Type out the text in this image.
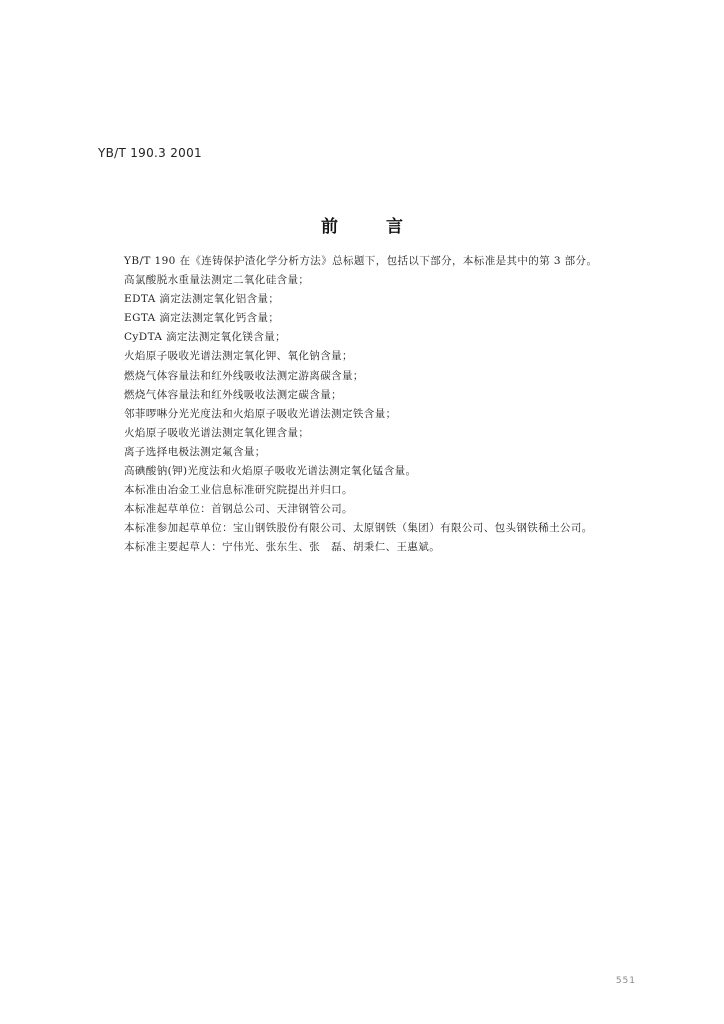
YB/T 190.3 2001
前言
YB/T 190 在《连铸保护渣化学分析方法》总标题下，包括以下部分，本标准是其中的第 3 部分。
高氯酸脱水重量法测定二氧化硅含量；
EDTA 滴定法测定氧化铝含量；
EGTA 滴定法测定氧化钙含量；
CyDTA 滴定法测定氧化镁含量；
火焰原子吸收光谱法测定氧化钾、氧化钠含量；
燃烧气体容量法和红外线吸收法测定游离碳含量；
燃烧气体容量法和红外线吸收法测定碳含量；
邻菲啰啉分光光度法和火焰原子吸收光谱法测定铁含量；
火焰原子吸收光谱法测定氧化锂含量；
离子选择电极法测定氟含量；
高碘酸钠(钾)光度法和火焰原子吸收光谱法测定氧化锰含量。
本标准由冶金工业信息标准研究院提出并归口。
本标准起草单位：首钢总公司、天津钢管公司。
本标准参加起草单位：宝山钢铁股份有限公司、太原钢铁（集团）有限公司、包头钢铁稀土公司。
本标准主要起草人：宁伟光、张东生、张　磊、胡秉仁、王惠斌。
551
